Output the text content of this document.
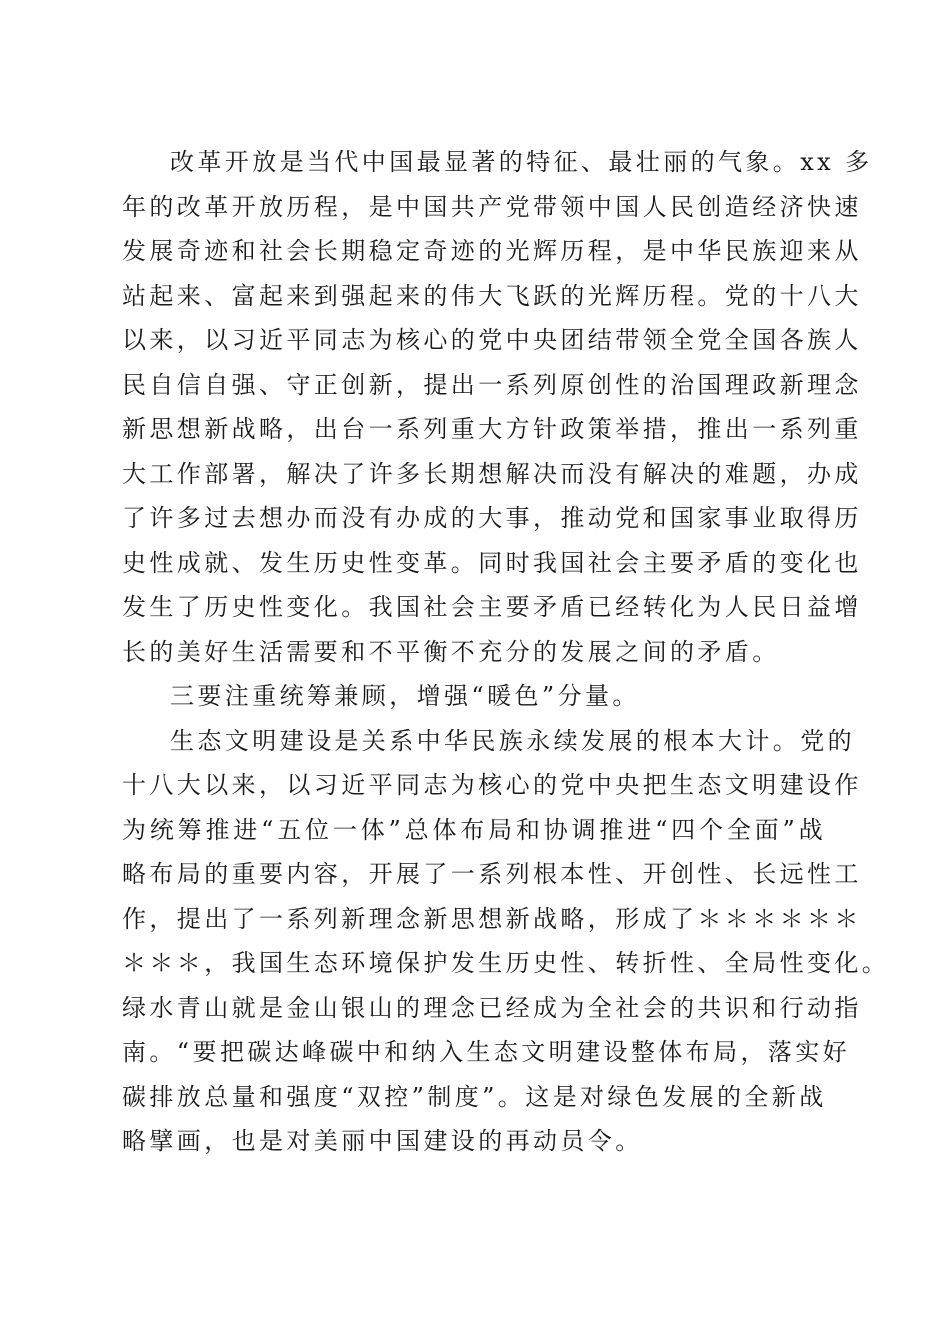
改革开放是当代中国最显著的特征、最壮丽的气象。xx 多
年的改革开放历程，是中国共产党带领中国人民创造经济快速
发展奇迹和社会长期稳定奇迹的光辉历程，是中华民族迎来从
站起来、富起来到强起来的伟大飞跃的光辉历程。党的十八大
以来，以习近平同志为核心的党中央团结带领全党全国各族人
民自信自强、守正创新，提出一系列原创性的治国理政新理念
新思想新战略，出台一系列重大方针政策举措，推出一系列重
大工作部署，解决了许多长期想解决而没有解决的难题，办成
了许多过去想办而没有办成的大事，推动党和国家事业取得历
史性成就、发生历史性变革。同时我国社会主要矛盾的变化也
发生了历史性变化。我国社会主要矛盾已经转化为人民日益增
长的美好生活需要和不平衡不充分的发展之间的矛盾。
三要注重统筹兼顾，增强“暖色”分量。
生态文明建设是关系中华民族永续发展的根本大计。党的
十八大以来，以习近平同志为核心的党中央把生态文明建设作
为统筹推进“五位一体”总体布局和协调推进“四个全面”战
略布局的重要内容，开展了一系列根本性、开创性、长远性工
作，提出了一系列新理念新思想新战略，形成了＊＊＊＊＊＊
＊＊＊，我国生态环境保护发生历史性、转折性、全局性变化。
绿水青山就是金山银山的理念已经成为全社会的共识和行动指
南。“要把碳达峰碳中和纳入生态文明建设整体布局，落实好
碳排放总量和强度“双控”制度”。这是对绿色发展的全新战
略擘画，也是对美丽中国建设的再动员令。
